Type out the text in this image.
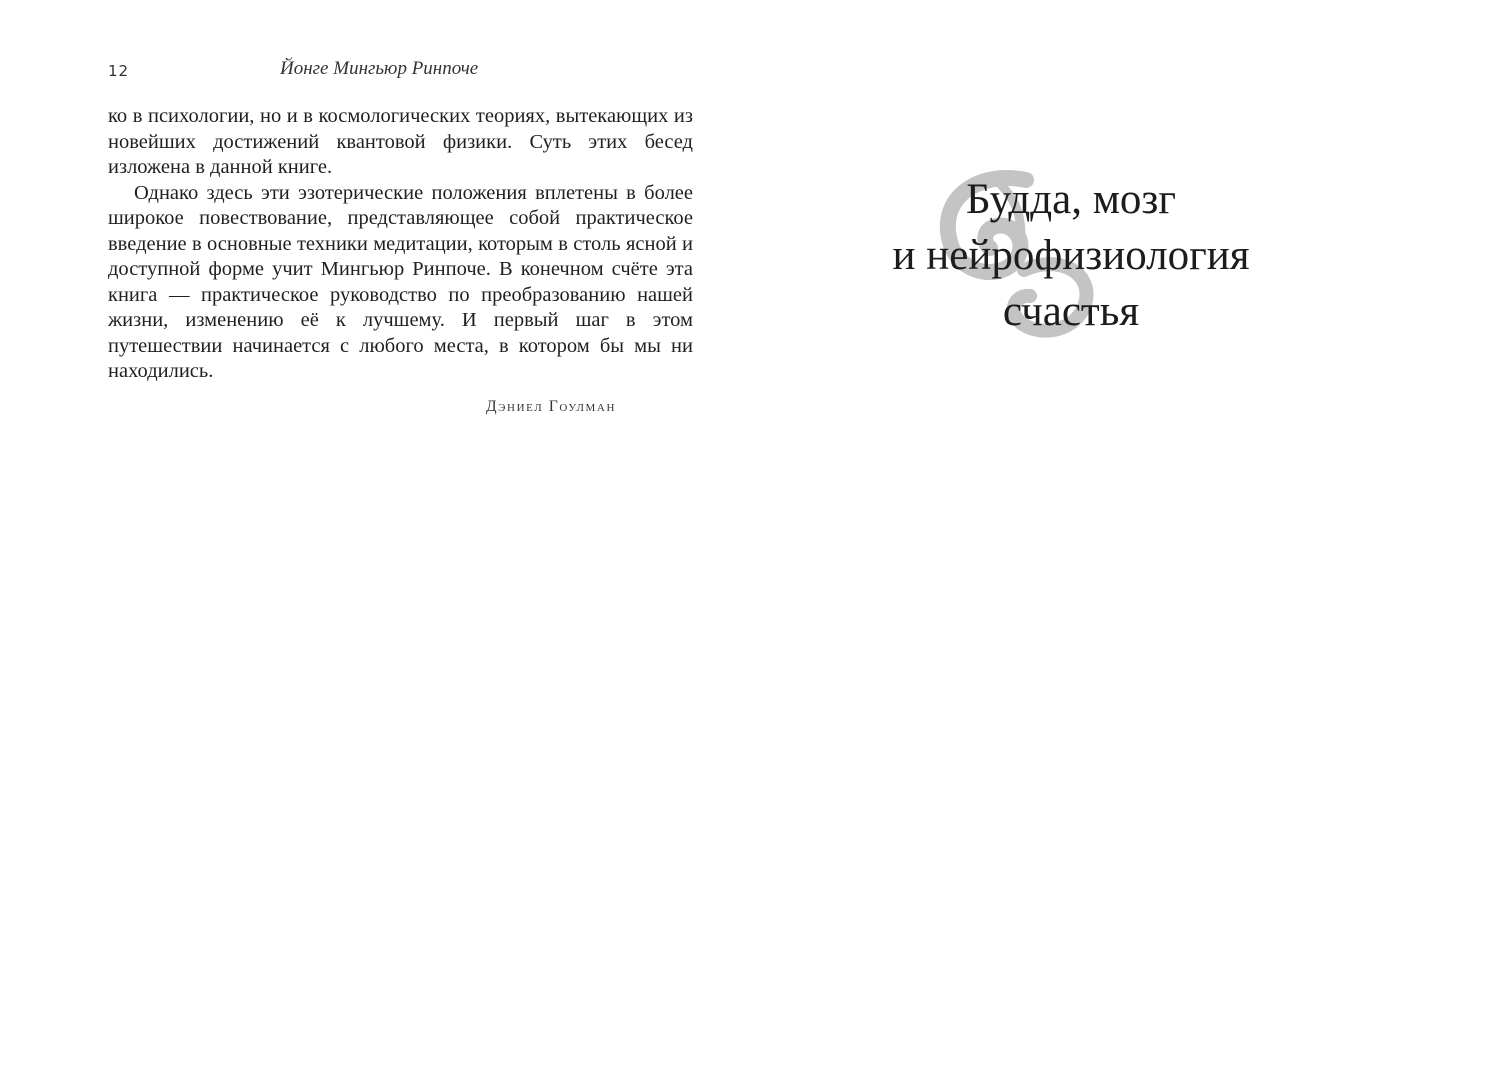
12	Йонге Мингьюр Ринпоче

ко в психологии, но и в космологических теориях, вытекающих из новейших достижений квантовой физики. Суть этих бесед изложена в данной книге.

Однако здесь эти эзотерические положения вплетены в более широкое повествование, представляющее собой практическое введение в основные техники медитации, которым в столь ясной и доступной форме учит Мингьюр Ринпоче. В конечном счёте эта книга — практическое руководство по преобразованию нашей жизни, изменению её к лучшему. И первый шаг в этом путешествии начинается с любого места, в котором бы мы ни находились.

Дэниел Гоулман
Будда, мозг
и нейрофизиология
счастья
